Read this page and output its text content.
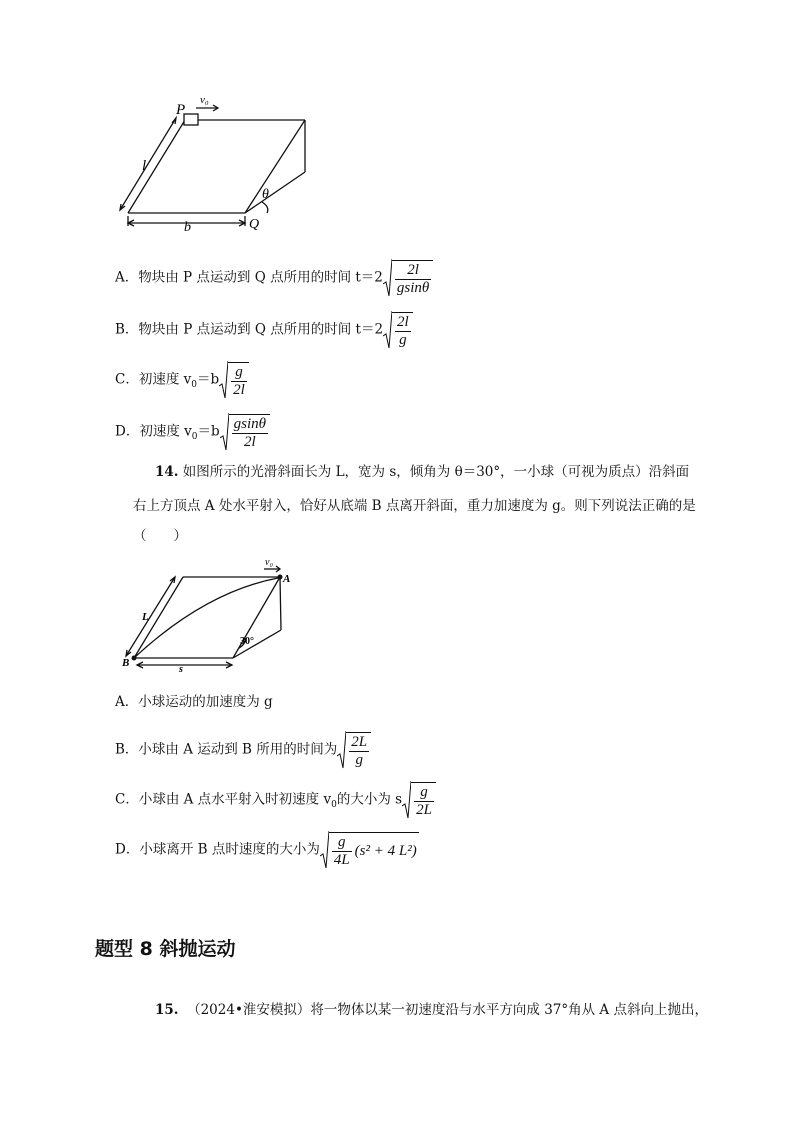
P
v₀
l
b
θ
Q
A．物块由 P 点运动到 Q 点所用的时间 $t=2 \frac{2l}{gsin\theta}$
B．物块由 P 点运动到 Q 点所用的时间 $t=2 \frac{2l}{g}$
C．初速度 $v_0=b \frac{g}{2l}$
D．初速度 $v_0=b \frac{gsin\theta}{2l}$
14. 如图所示的光滑斜面长为 L，宽为 s，倾角为 θ＝30°，一小球（可视为质点）沿斜面
右上方顶点 A 处水平射入，恰好从底端 B 点离开斜面，重力加速度为 g。则下列说法正确的是
（　　）
v₀
A
L
30°
B
s
A．小球运动的加速度为 g
B．小球由 A 运动到 B 所用的时间为 $\frac{2L}{g}$
C．小球由 A 点水平射入时初速度 $v_0$的大小为 s $\frac{g}{2L}$
D．小球离开 B 点时速度的大小为 $\frac{g}{4L} (s^2 + 4$ L²)
题型 8 斜抛运动
15. （2024•淮安模拟）将一物体以某一初速度沿与水平方向成 37°角从 A 点斜向上抛出，
